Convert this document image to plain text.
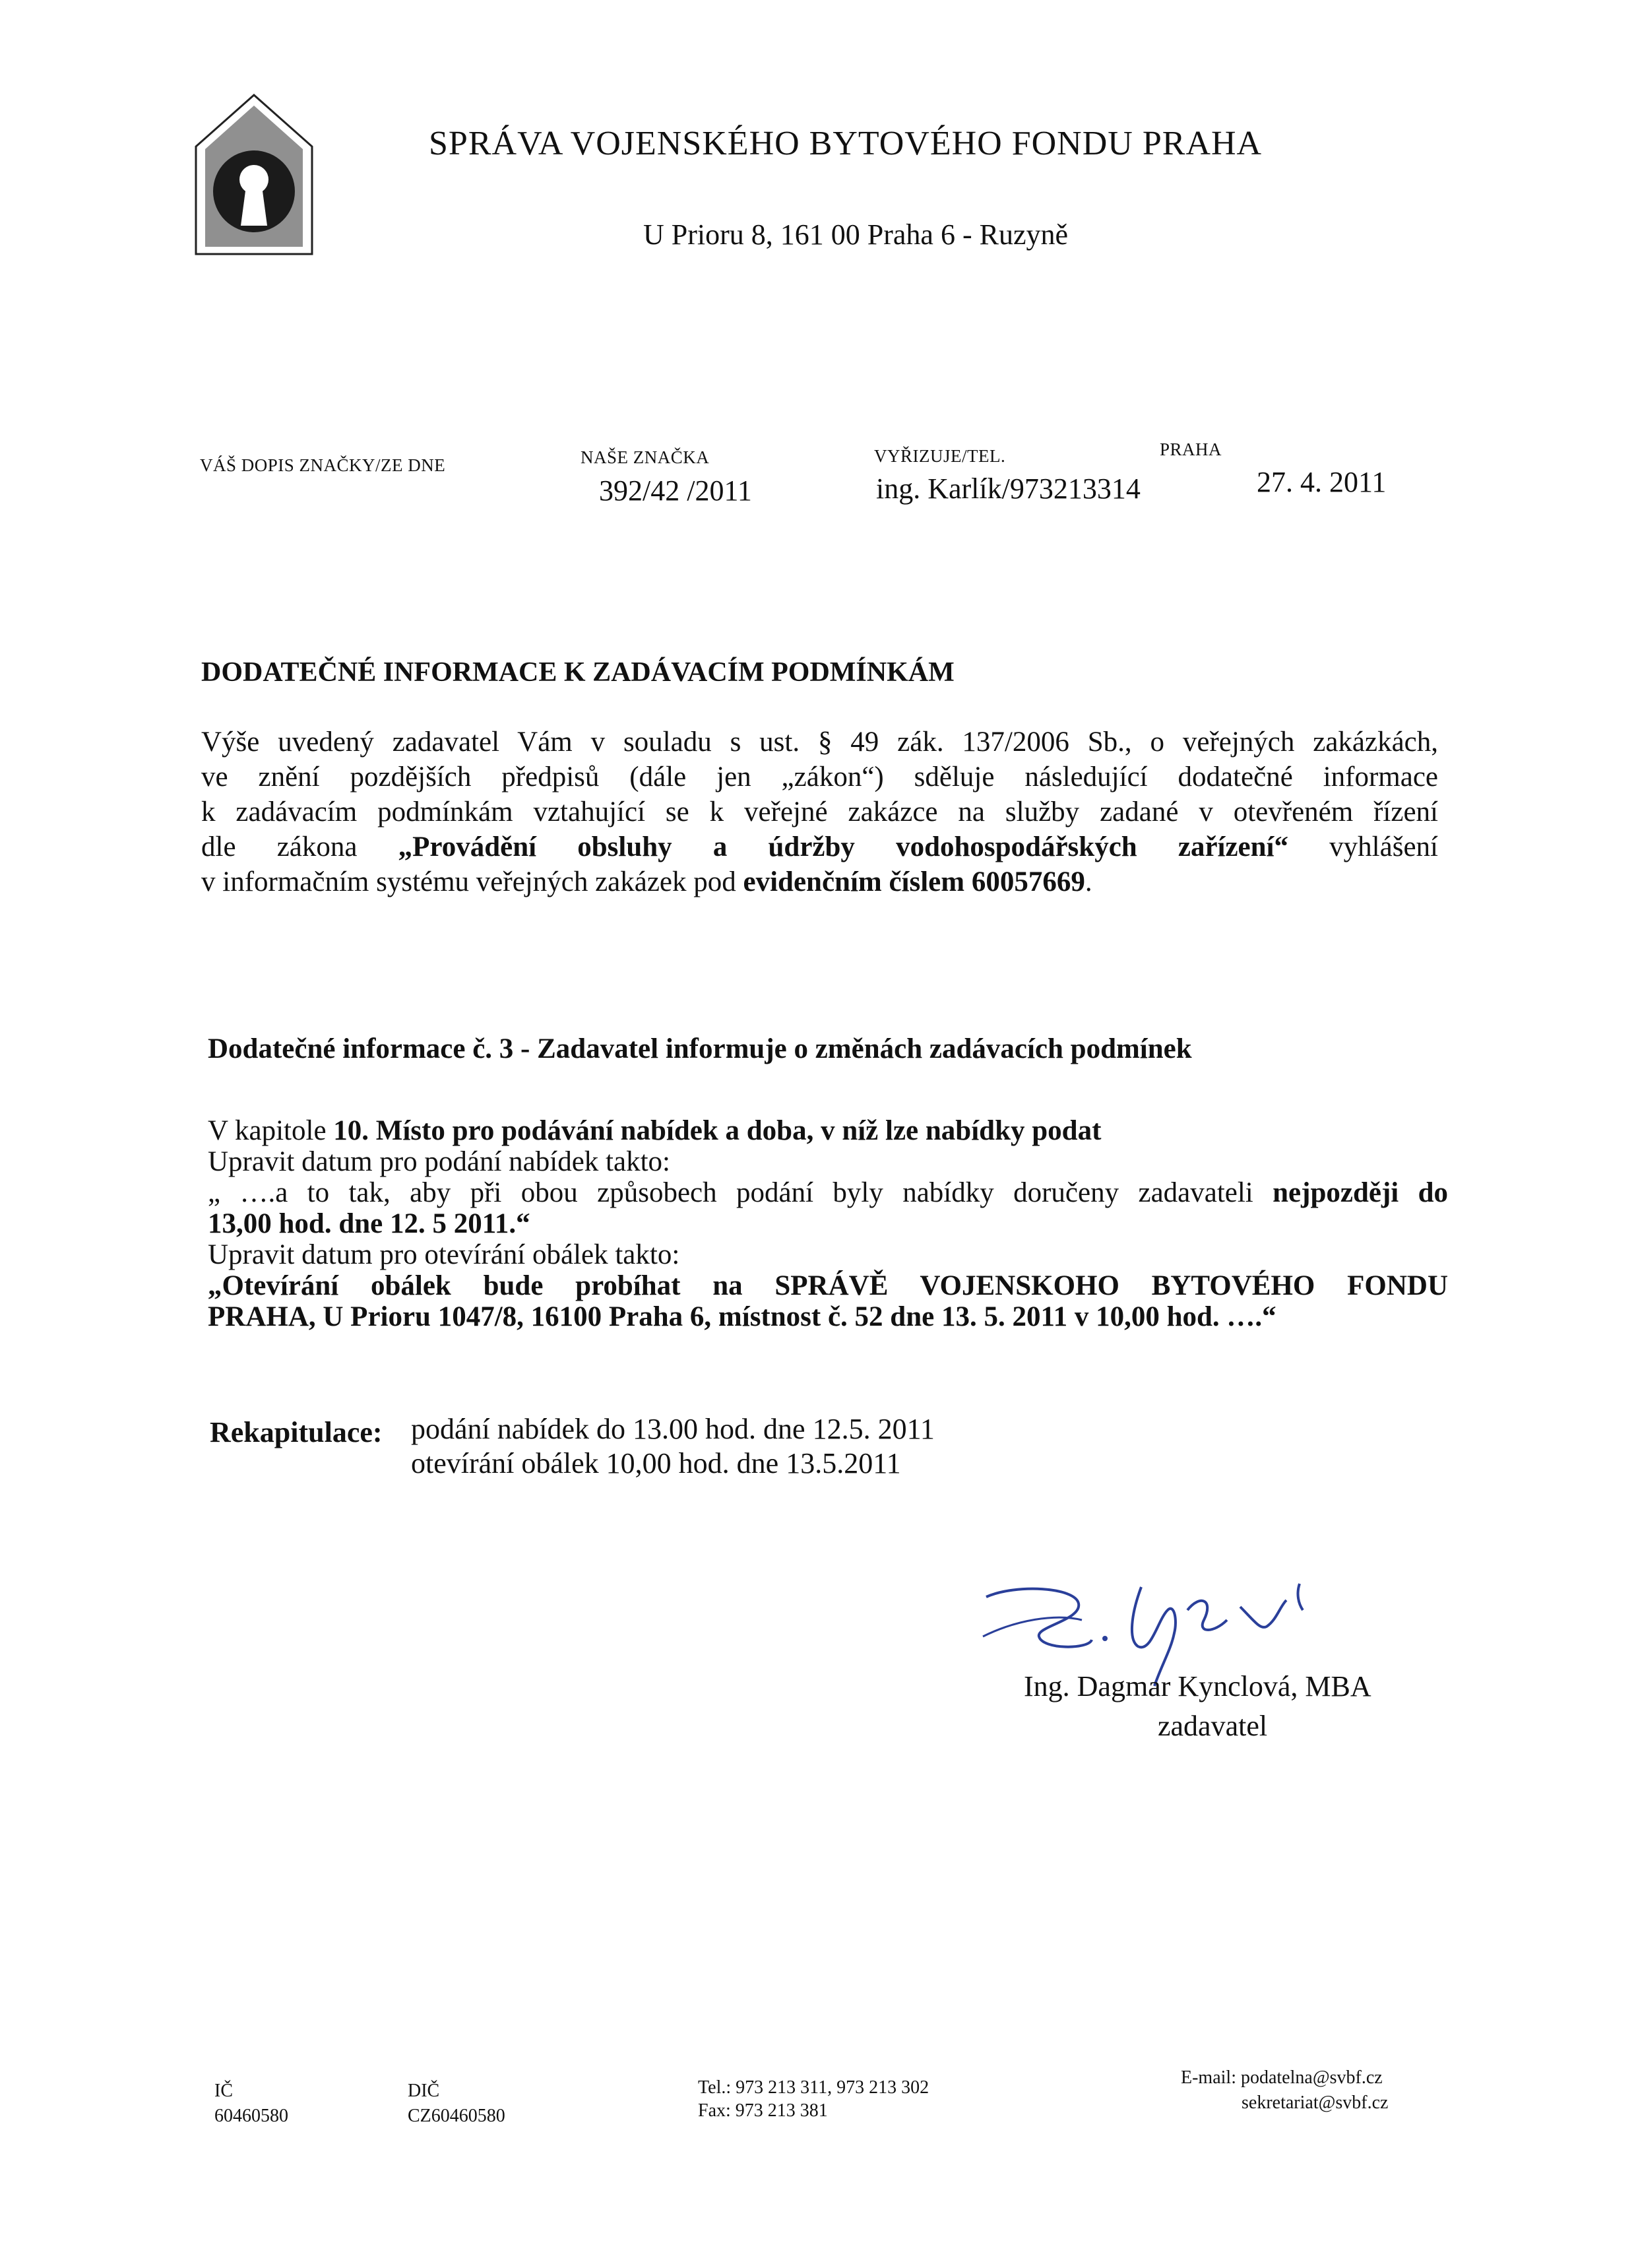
SPRÁVA VOJENSKÉHO BYTOVÉHO FONDU PRAHA
U Prioru 8, 161 00 Praha 6 - Ruzyně
VÁŠ DOPIS ZNAČKY/ZE DNE	NAŠE ZNAČKA
392/42 /2011
VYŘIZUJE/TEL.
ing. Karlík/973213314
PRAHA
27. 4. 2011
DODATEČNÉ INFORMACE K ZADÁVACÍM PODMÍNKÁM
Výše uvedený zadavatel Vám v souladu s ust. § 49 zák. 137/2006 Sb., o veřejných zakázkách,
ve znění pozdějších předpisů (dále jen „zákon“) sděluje následující dodatečné informace
k zadávacím podmínkám vztahující se k veřejné zakázce na služby zadané v otevřeném řízení
dle zákona „Provádění obsluhy a údržby vodohospodářských zařízení“ vyhlášení
v informačním systému veřejných zakázek pod evidenčním číslem 60057669.
Dodatečné informace č. 3 - Zadavatel informuje o změnách zadávacích podmínek
V kapitole 10. Místo pro podávání nabídek a doba, v níž lze nabídky podat
Upravit datum pro podání nabídek takto:
„ ….a to tak, aby při obou způsobech podání byly nabídky doručeny zadavateli nejpozději do
13,00 hod. dne 12. 5 2011.“
Upravit datum pro otevírání obálek takto:
„Otevírání obálek bude probíhat na SPRÁVĚ VOJENSKOHO BYTOVÉHO FONDU
PRAHA, U Prioru 1047/8, 16100 Praha 6, místnost č. 52 dne 13. 5. 2011 v 10,00 hod. ….“
Rekapitulace: podání nabídek do 13.00 hod. dne 12.5. 2011
otevírání obálek 10,00 hod. dne 13.5.2011
Ing. Dagmar Kynclová, MBA
zadavatel
IČ
60460580
DIČ
CZ60460580
Tel.: 973 213 311, 973 213 302
Fax: 973 213 381
E-mail: podatelna@svbf.cz
sekretariat@svbf.cz
